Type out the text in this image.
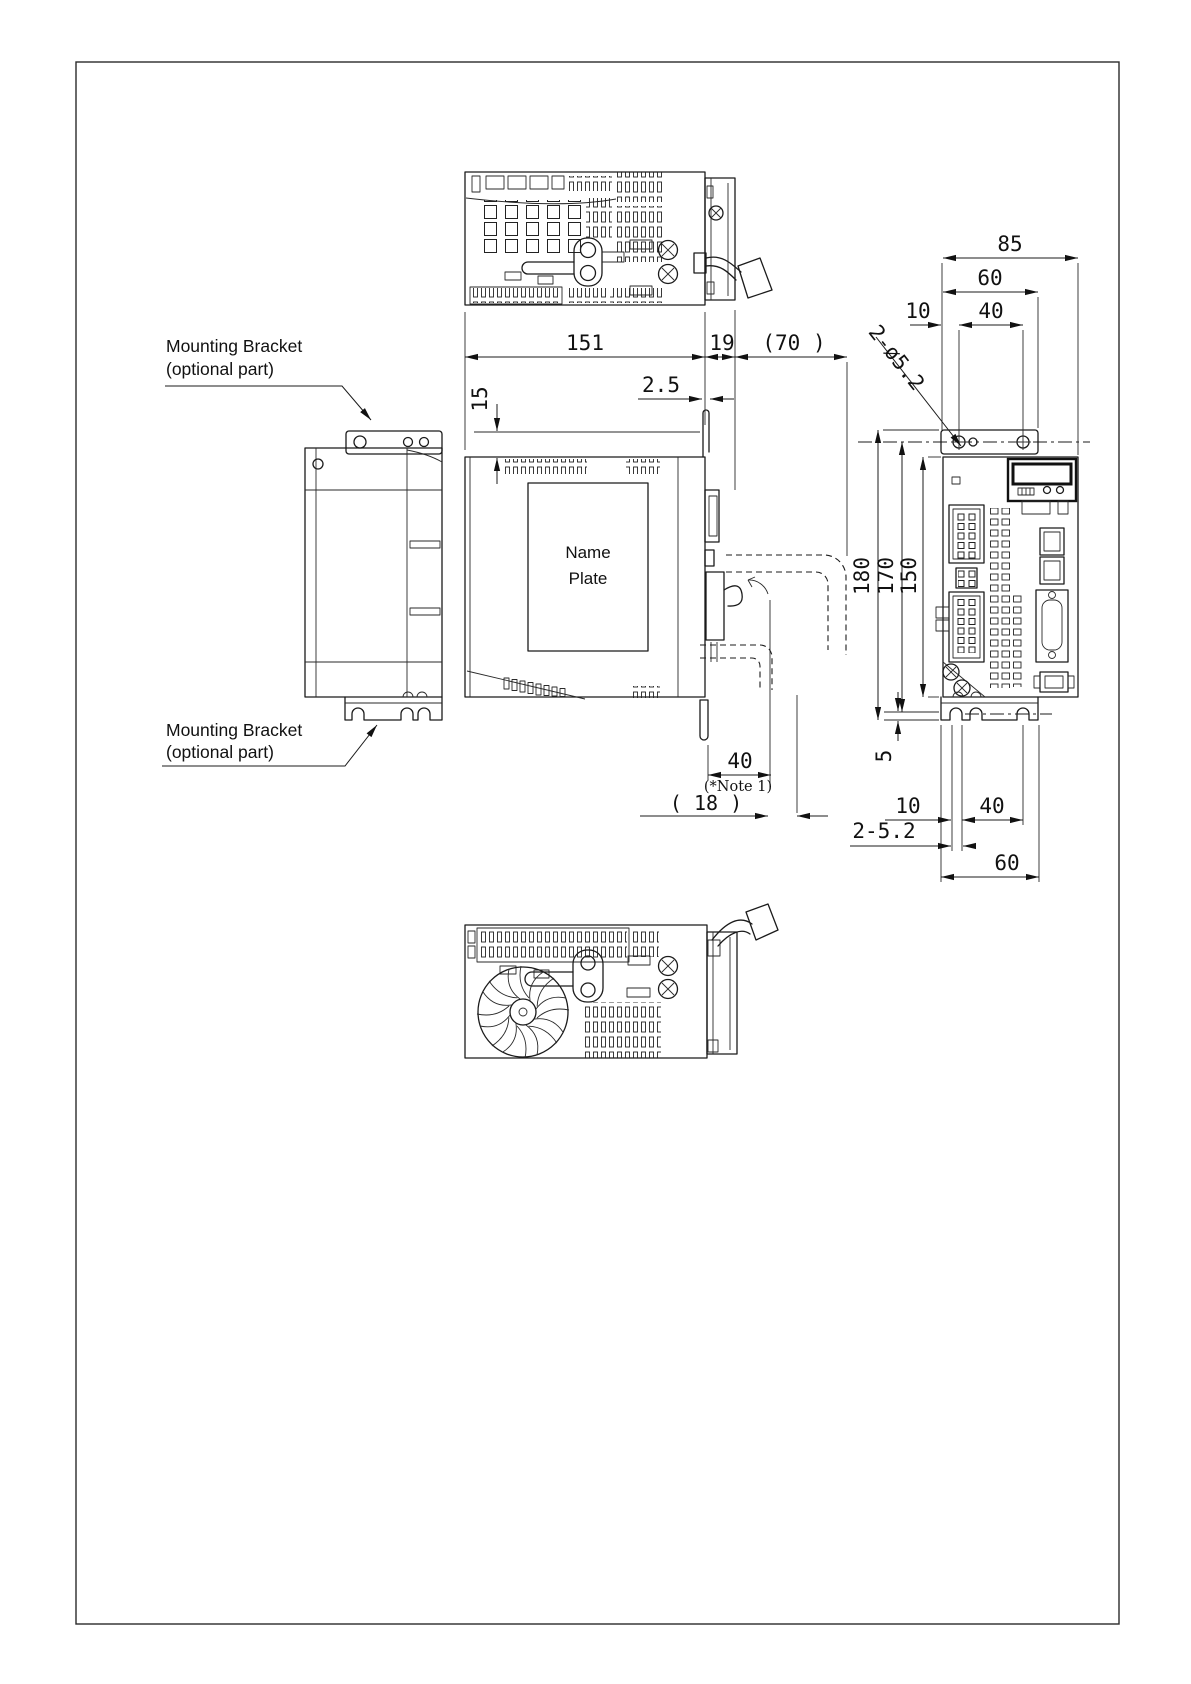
Mounting Bracket
(optional part)
Mounting Bracket
(optional part)
Name
Plate
151	19 (70 )
2.5
15
40
(*Note 1)
( 18 )
85
60
10 40
2-ø5.2
180 170 150
5
10	40
2-5.2
60
